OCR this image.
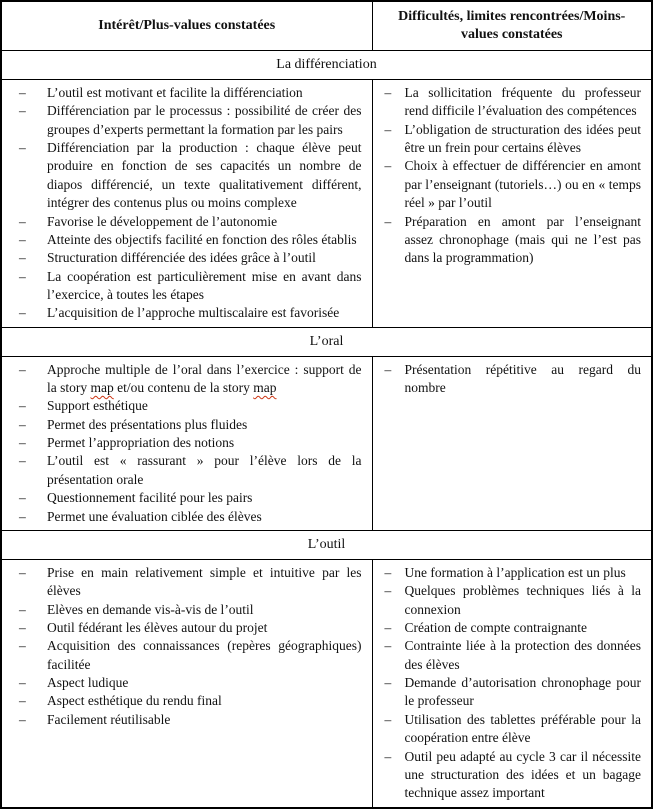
Intérêt/Plus-values constatées	Difficultés, limites rencontrées/Moins-values constatées
La différenciation	

– L’outil est motivant et facilite la différenciation
– Différenciation par le processus : possibilité de créer des groupes d’experts permettant la formation par les pairs
– Différenciation par la production : chaque élève peut produire en fonction de ses capacités un nombre de diapos différencié, un texte qualitativement différent, intégrer des contenus plus ou moins complexe
– Favorise le développement de l’autonomie
– Atteinte des objectifs facilité en fonction des rôles établis
– Structuration différenciée des idées grâce à l’outil
– La coopération est particulièrement mise en avant dans l’exercice, à toutes les étapes
– L’acquisition de l’approche multiscalaire est favorisée

– La sollicitation fréquente du professeur rend difficile l’évaluation des compétences
– L’obligation de structuration des idées peut être un frein pour certains élèves
– Choix à effectuer de différencier en amont par l’enseignant (tutoriels…) ou en « temps réel » par l’outil
– Préparation en amont par l’enseignant assez chronophage (mais qui ne l’est pas dans la programmation)

L’oral	

– Approche multiple de l’oral dans l’exercice : support de la story map et/ou contenu de la story map
– Support esthétique
– Permet des présentations plus fluides
– Permet l’appropriation des notions
– L’outil est « rassurant » pour l’élève lors de la présentation orale
– Questionnement facilité pour les pairs
– Permet une évaluation ciblée des élèves

– Présentation répétitive au regard du nombre

L’outil	

– Prise en main relativement simple et intuitive par les élèves
– Elèves en demande vis-à-vis de l’outil
– Outil fédérant les élèves autour du projet
– Acquisition des connaissances (repères géographiques) facilitée
– Aspect ludique
– Aspect esthétique du rendu final
– Facilement réutilisable

– Une formation à l’application est un plus
– Quelques problèmes techniques liés à la connexion
– Création de compte contraignante
– Contrainte liée à la protection des données des élèves
– Demande d’autorisation chronophage pour le professeur
– Utilisation des tablettes préférable pour la coopération entre élève
– Outil peu adapté au cycle 3 car il nécessite une structuration des idées et un bagage technique assez important
